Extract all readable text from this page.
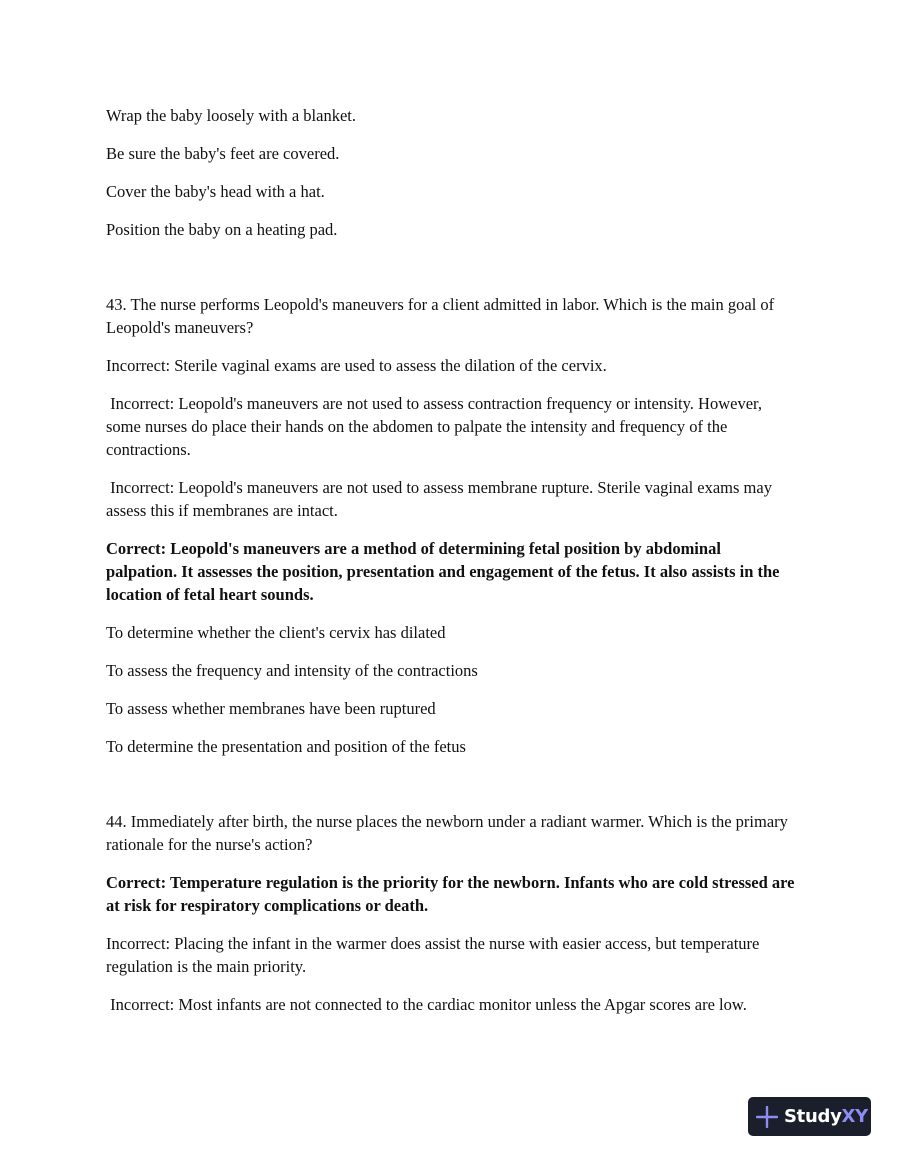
Wrap the baby loosely with a blanket.

Be sure the baby's feet are covered.

Cover the baby's head with a hat.

Position the baby on a heating pad.

43. The nurse performs Leopold's maneuvers for a client admitted in labor. Which is the main goal of Leopold's maneuvers?

Incorrect: Sterile vaginal exams are used to assess the dilation of the cervix.

Incorrect: Leopold's maneuvers are not used to assess contraction frequency or intensity. However, some nurses do place their hands on the abdomen to palpate the intensity and frequency of the contractions.

Incorrect: Leopold's maneuvers are not used to assess membrane rupture. Sterile vaginal exams may assess this if membranes are intact.

Correct: Leopold's maneuvers are a method of determining fetal position by abdominal palpation. It assesses the position, presentation and engagement of the fetus. It also assists in the location of fetal heart sounds.

To determine whether the client's cervix has dilated

To assess the frequency and intensity of the contractions

To assess whether membranes have been ruptured

To determine the presentation and position of the fetus

44. Immediately after birth, the nurse places the newborn under a radiant warmer. Which is the primary rationale for the nurse's action?

Correct: Temperature regulation is the priority for the newborn. Infants who are cold stressed are at risk for respiratory complications or death.

Incorrect: Placing the infant in the warmer does assist the nurse with easier access, but temperature regulation is the main priority.

Incorrect: Most infants are not connected to the cardiac monitor unless the Apgar scores are low.

StudyXY
